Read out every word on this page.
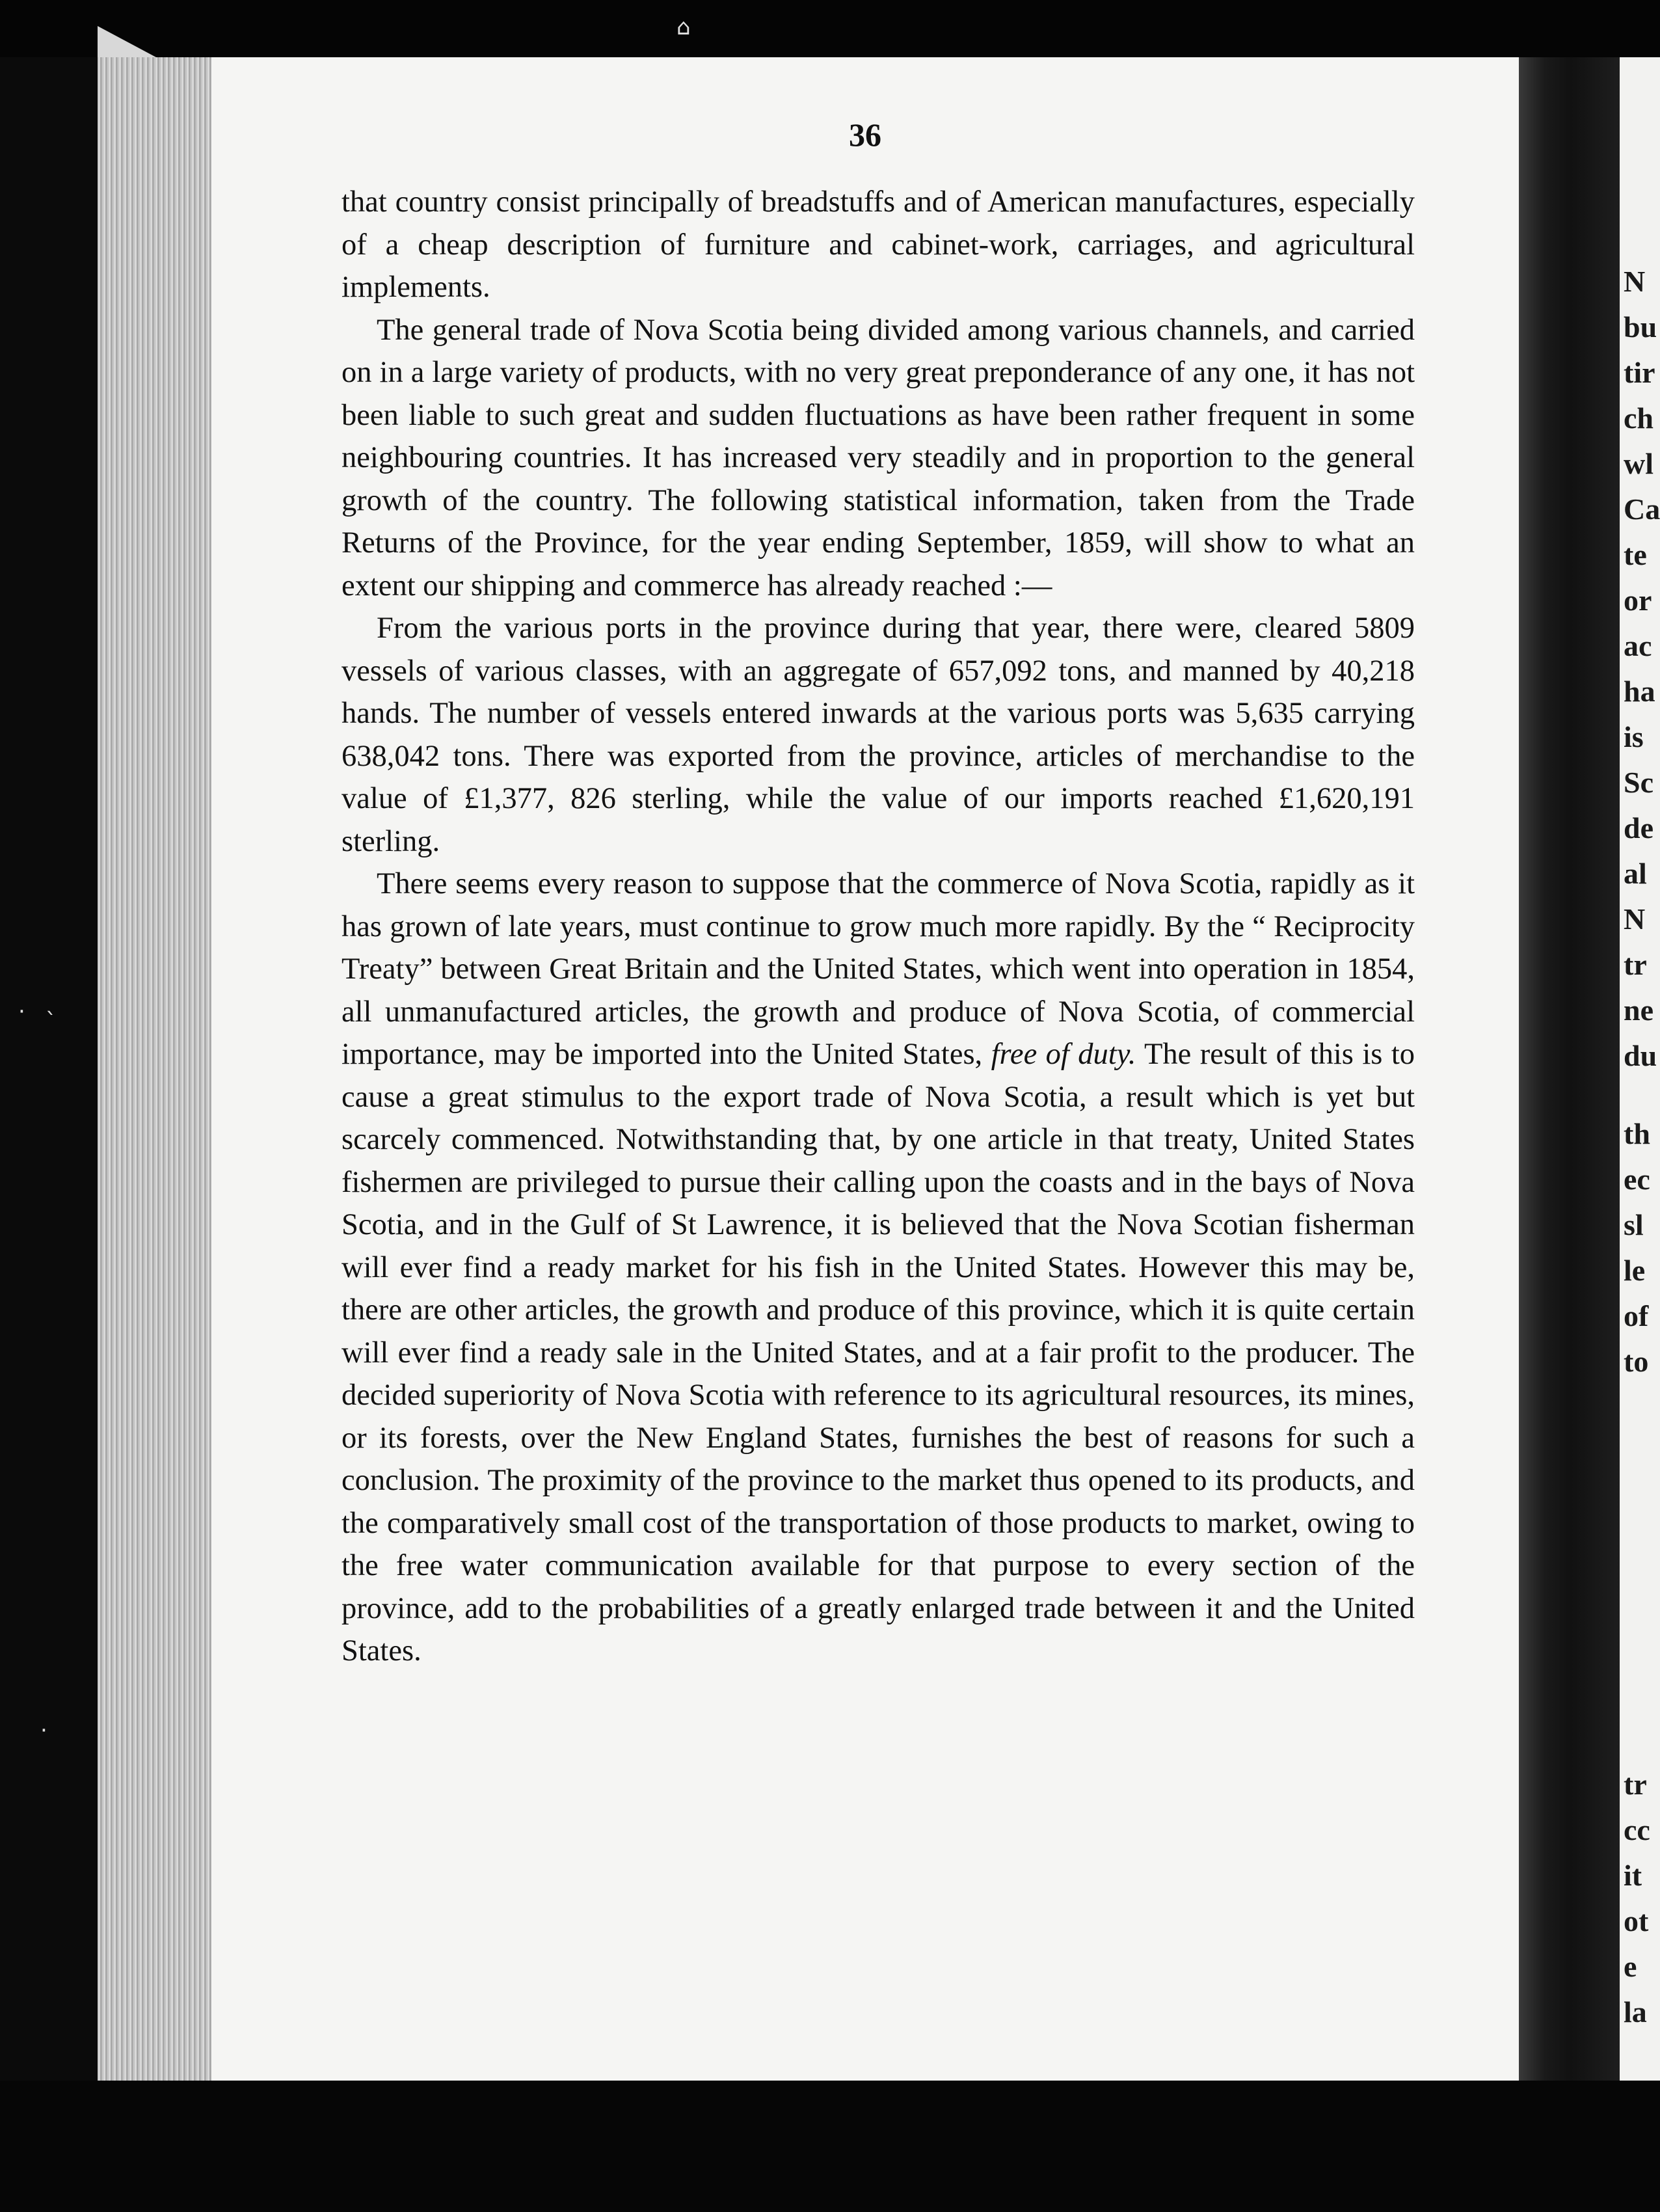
⌂
36

that country consist principally of breadstuffs and of American manufactures, especially of a cheap description of furniture and cabinet-work, carriages, and agricultural implements.

The general trade of Nova Scotia being divided among various channels, and carried on in a large variety of products, with no very great preponderance of any one, it has not been liable to such great and sudden fluctuations as have been rather frequent in some neighbouring countries. It has increased very steadily and in proportion to the general growth of the country. The following statistical information, taken from the Trade Returns of the Province, for the year ending September, 1859, will show to what an extent our shipping and commerce has already reached :—

From the various ports in the province during that year, there were, cleared 5809 vessels of various classes, with an aggregate of 657,092 tons, and manned by 40,218 hands. The number of vessels entered inwards at the various ports was 5,635 carrying 638,042 tons. There was exported from the province, articles of merchandise to the value of £1,377, 826 sterling, while the value of our imports reached £1,620,191 sterling.

There seems every reason to suppose that the commerce of Nova Scotia, rapidly as it has grown of late years, must continue to grow much more rapidly. By the “ Reciprocity Treaty” between Great Britain and the United States, which went into operation in 1854, all unmanufactured articles, the growth and produce of Nova Scotia, of commercial importance, may be imported into the United States, free of duty. The result of this is to cause a great stimulus to the export trade of Nova Scotia, a result which is yet but scarcely commenced. Notwithstanding that, by one article in that treaty, United States fishermen are privileged to pursue their calling upon the coasts and in the bays of Nova Scotia, and in the Gulf of St Lawrence, it is believed that the Nova Scotian fisherman will ever find a ready market for his fish in the United States. However this may be, there are other articles, the growth and produce of this province, which it is quite certain will ever find a ready sale in the United States, and at a fair profit to the producer. The decided superiority of Nova Scotia with reference to its agricultural resources, its mines, or its forests, over the New England States, furnishes the best of reasons for such a conclusion. The proximity of the province to the market thus opened to its products, and the comparatively small cost of the transportation of those products to market, owing to the free water communication available for that purpose to every section of the province, add to the probabilities of a greatly enlarged trade between it and the United States.

N
bu
tir
ch
wl
Ca
te
or
ac
ha
is
Sc
de
al
N
tr
ne
du
th
ec
sl
le
of
to
tr
cc
it
ot
e
la
· `
·
